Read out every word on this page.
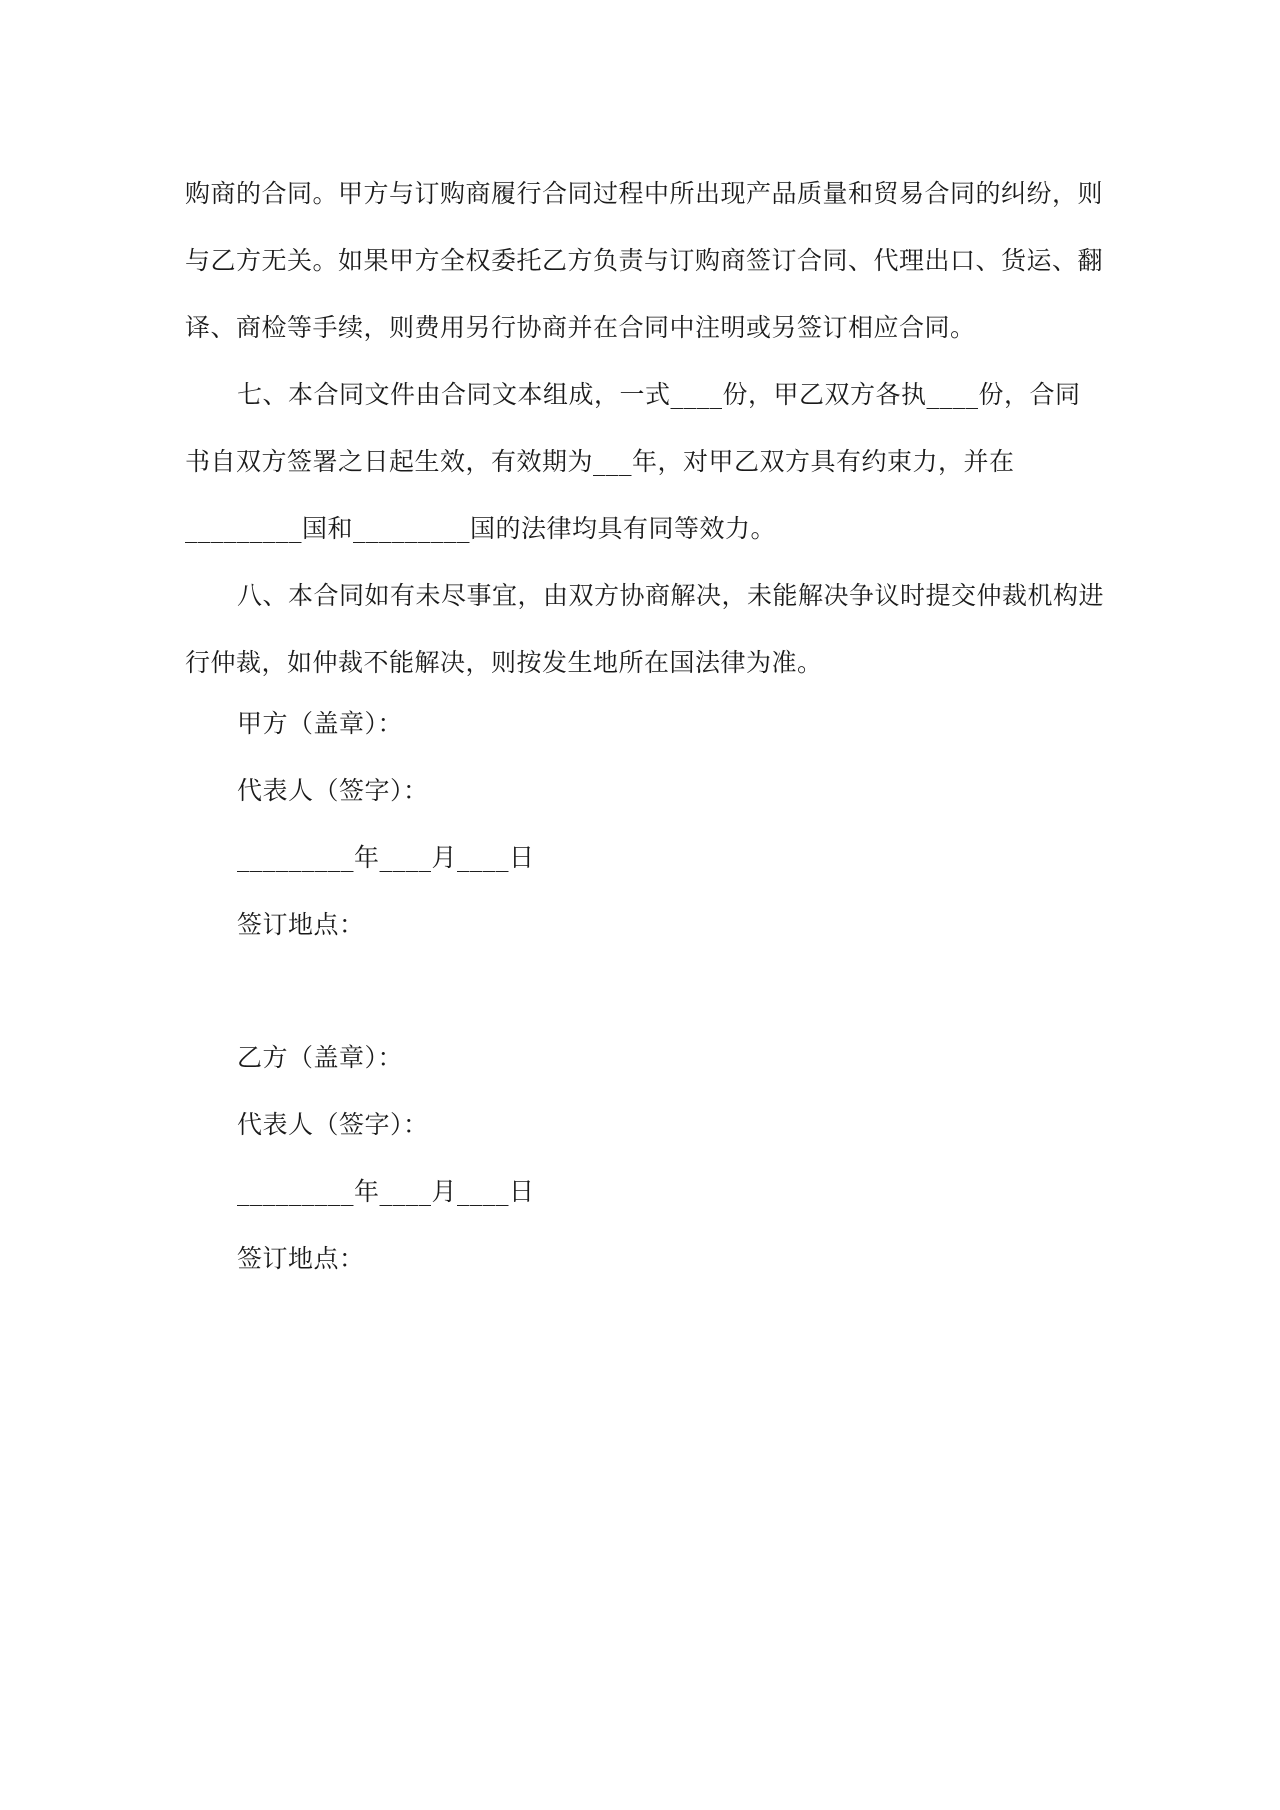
购商的合同。甲方与订购商履行合同过程中所出现产品质量和贸易合同的纠纷，则
与乙方无关。如果甲方全权委托乙方负责与订购商签订合同、代理出口、货运、翻
译、商检等手续，则费用另行协商并在合同中注明或另签订相应合同。
七、本合同文件由合同文本组成，一式____份，甲乙双方各执____份，合同
书自双方签署之日起生效，有效期为___年，对甲乙双方具有约束力，并在
_________国和_________国的法律均具有同等效力。
八、本合同如有未尽事宜，由双方协商解决，未能解决争议时提交仲裁机构进
行仲裁，如仲裁不能解决，则按发生地所在国法律为准。
甲方（盖章）：
代表人（签字）：
_________年____月____日
签订地点：
乙方（盖章）：
代表人（签字）：
_________年____月____日
签订地点：
